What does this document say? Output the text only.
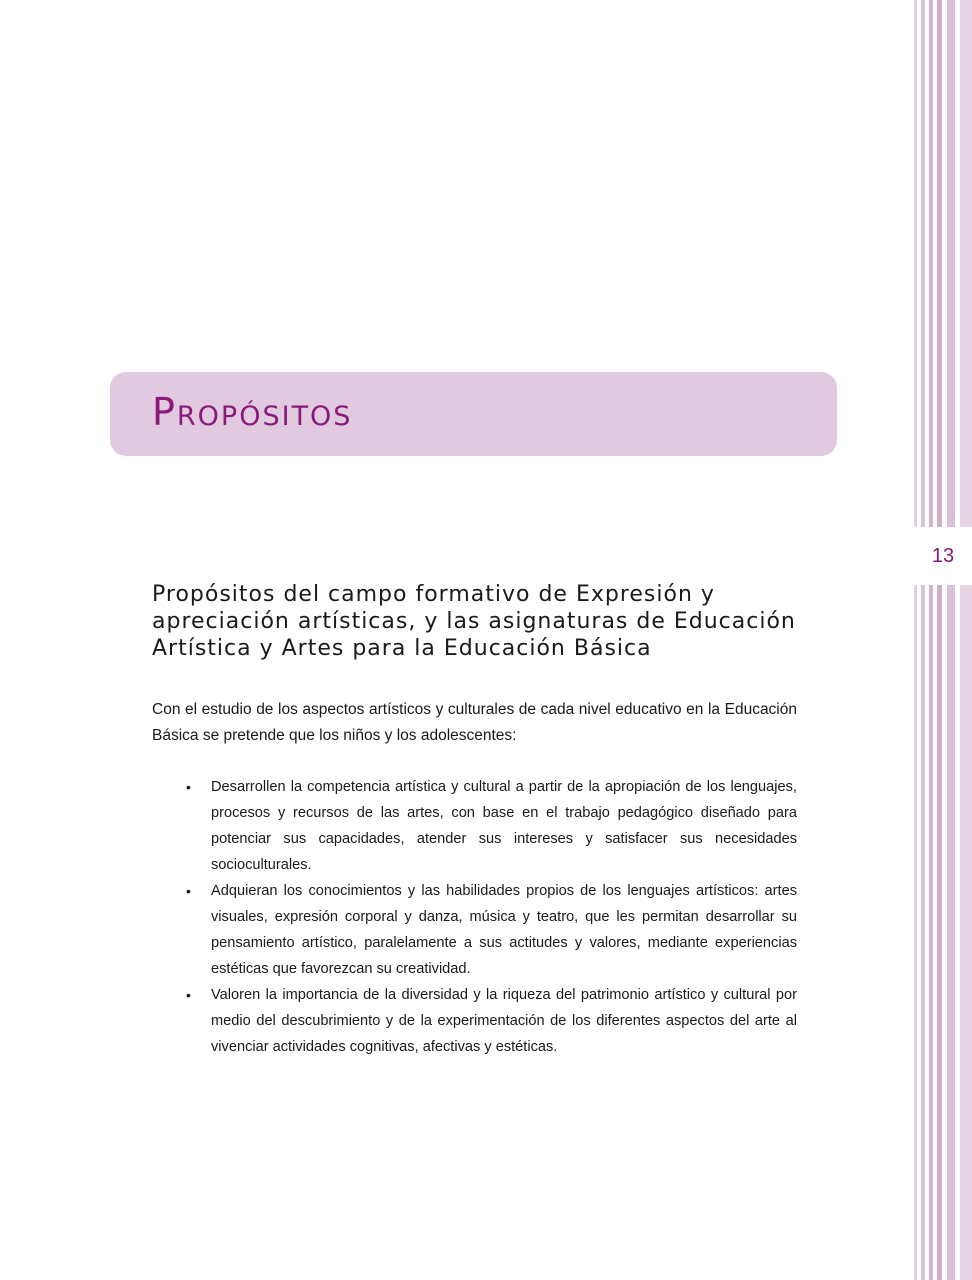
13
Propósitos
Propósitos del campo formativo de Expresión y apreciación artísticas, y las asignaturas de Educación Artística y Artes para la Educación Básica

Con el estudio de los aspectos artísticos y culturales de cada nivel educativo en la Educación Básica se pretende que los niños y los adolescentes:

• Desarrollen la competencia artística y cultural a partir de la apropiación de los lenguajes, procesos y recursos de las artes, con base en el trabajo pedagógico diseñado para potenciar sus capacidades, atender sus intereses y satisfacer sus necesidades socioculturales.
• Adquieran los conocimientos y las habilidades propios de los lenguajes artísticos: artes visuales, expresión corporal y danza, música y teatro, que les permitan desarrollar su pensamiento artístico, paralelamente a sus actitudes y valores, mediante experiencias estéticas que favorezcan su creatividad.
• Valoren la importancia de la diversidad y la riqueza del patrimonio artístico y cultural por medio del descubrimiento y de la experimentación de los diferentes aspectos del arte al vivenciar actividades cognitivas, afectivas y estéticas.
